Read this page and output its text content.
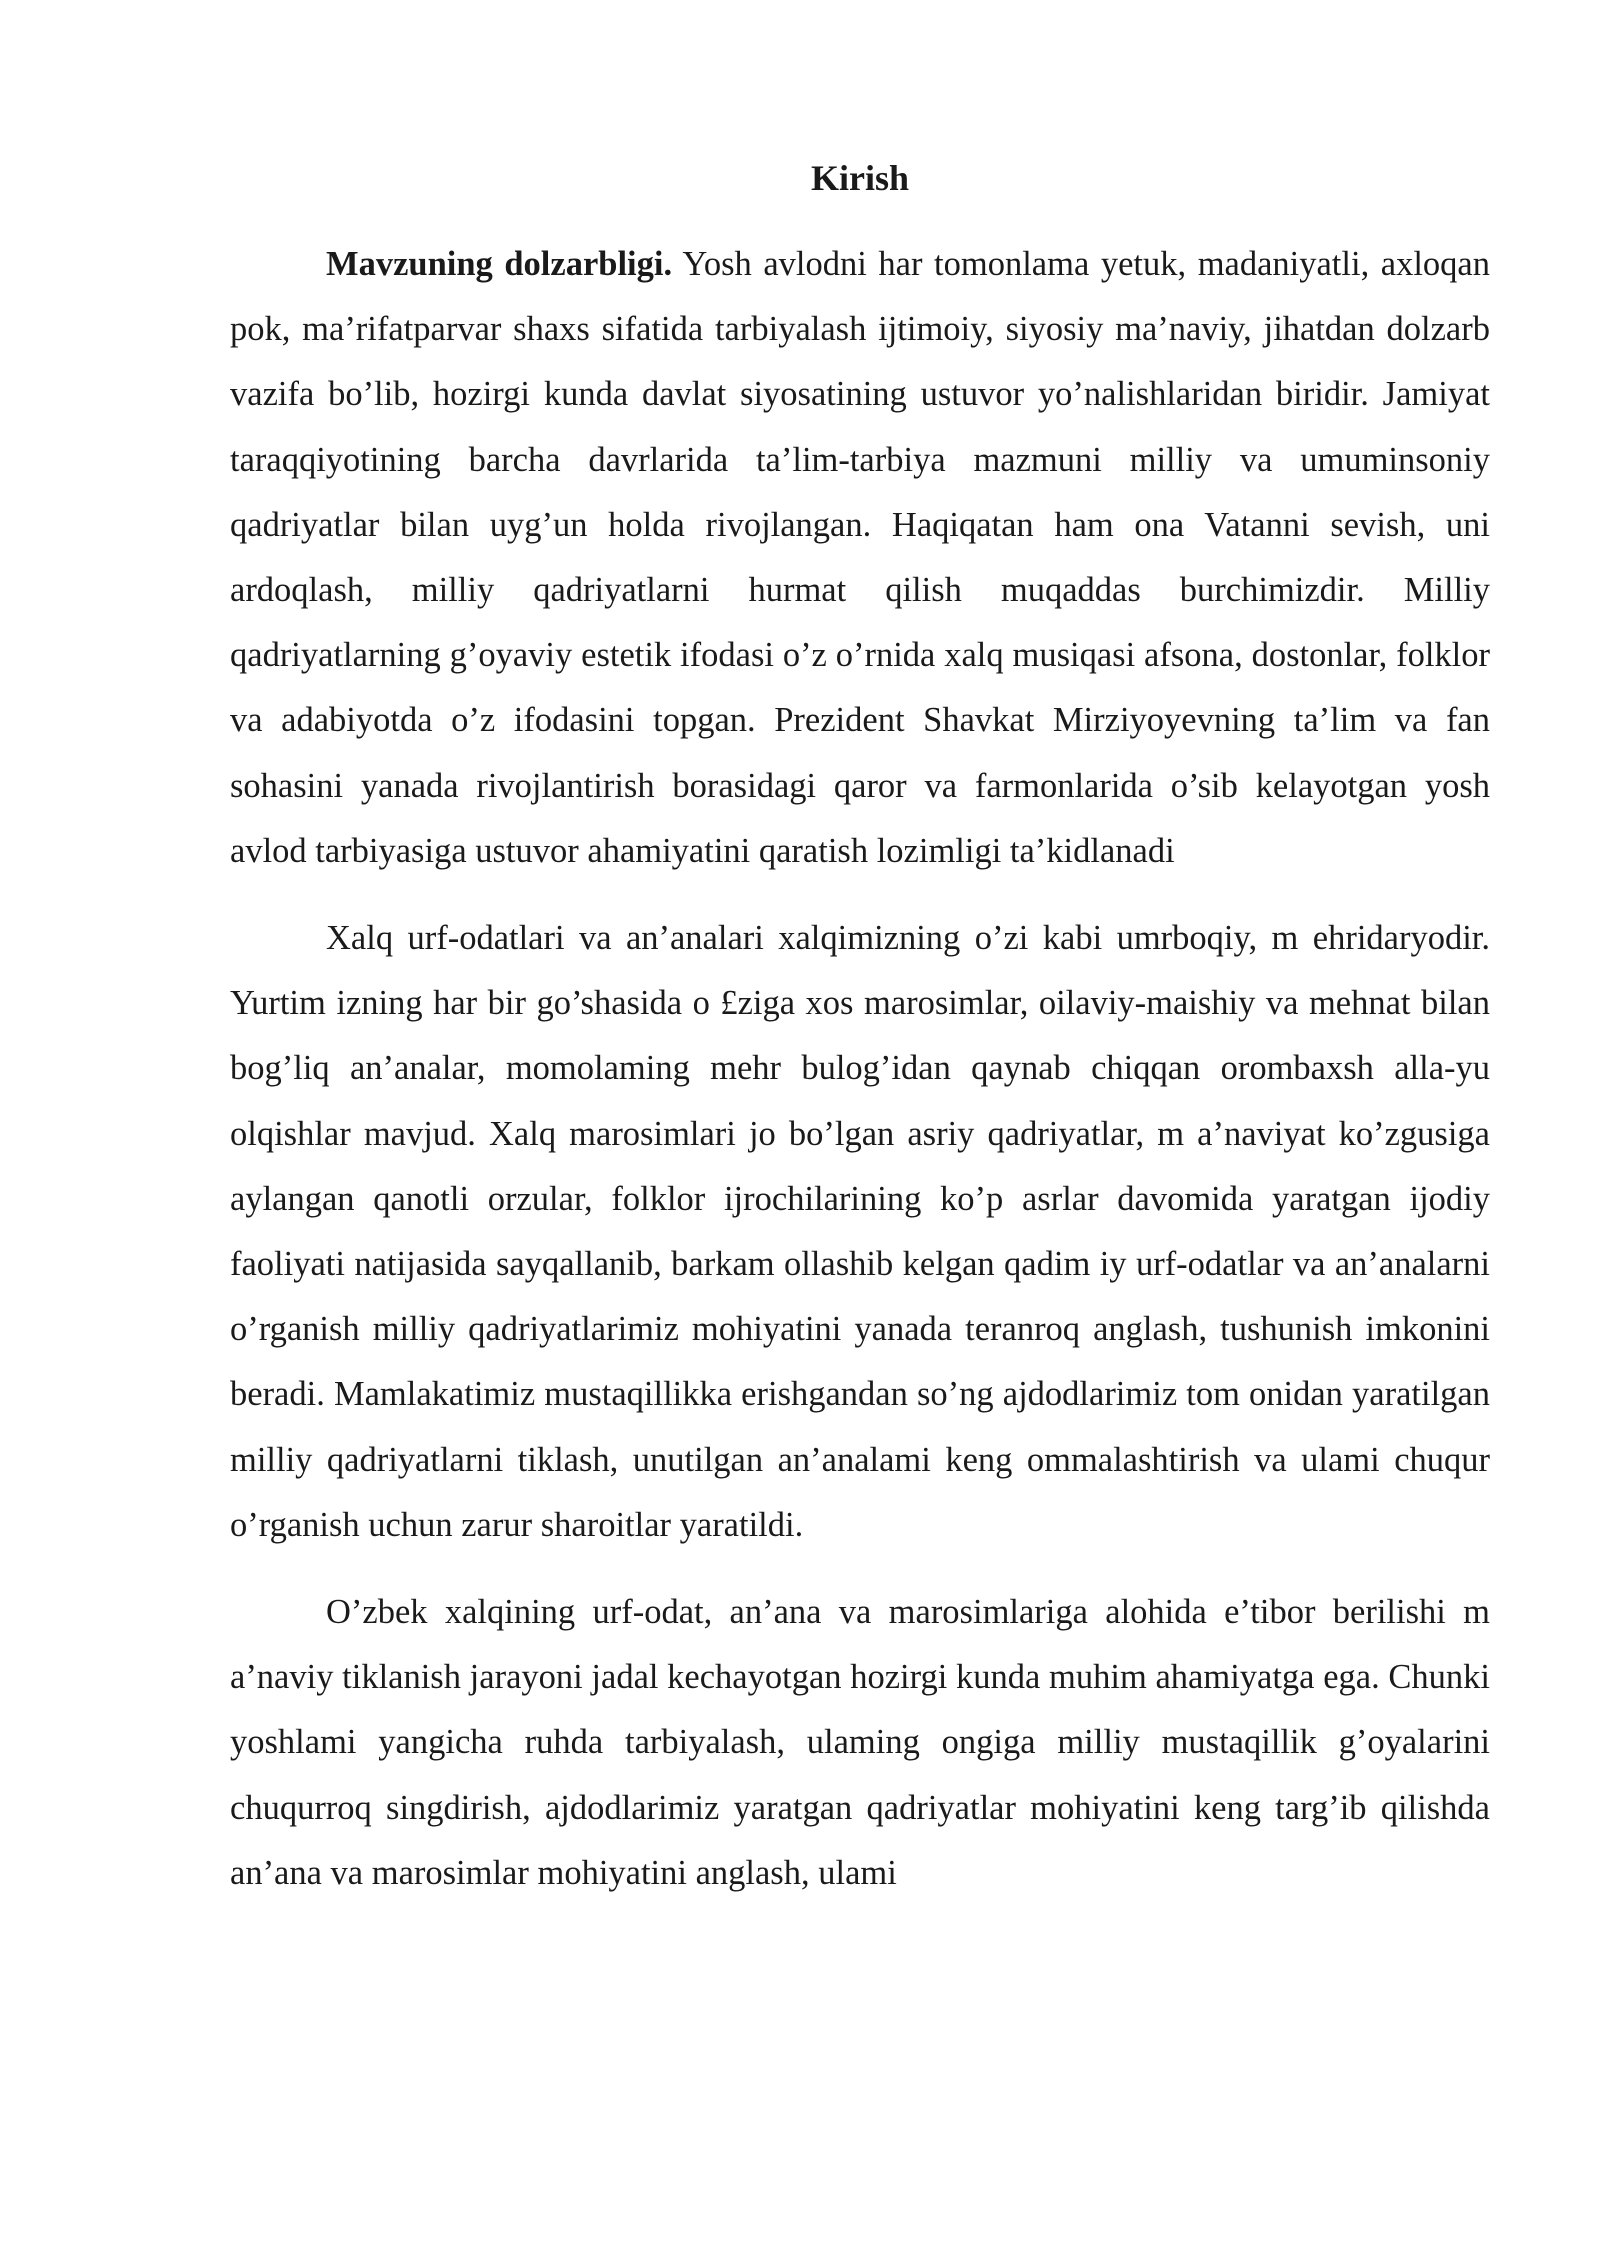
Kirish

Mavzuning dolzarbligi. Yosh avlodni har tomonlama yetuk, madaniyatli, axloqan pok, ma’rifatparvar shaxs sifatida tarbiyalash ijtimoiy, siyosiy ma’naviy, jihatdan dolzarb vazifa bo’lib, hozirgi kunda davlat siyosatining ustuvor yo’nalishlaridan biridir. Jamiyat taraqqiyotining barcha davrlarida ta’lim-tarbiya mazmuni milliy va umuminsoniy qadriyatlar bilan uyg’un holda rivojlangan. Haqiqatan ham ona Vatanni sevish, uni ardoqlash, milliy qadriyatlarni hurmat qilish muqaddas burchimizdir. Milliy qadriyatlarning g’oyaviy estetik ifodasi o’z o’rnida xalq musiqasi afsona, dostonlar, folklor va adabiyotda o’z ifodasini topgan. Prezident Shavkat Mirziyoyevning ta’lim va fan sohasini yanada rivojlantirish borasidagi qaror va farmonlarida o’sib kelayotgan yosh avlod tarbiyasiga ustuvor ahamiyatini qaratish lozimligi ta’kidlanadi

Xalq urf-odatlari va an’analari xalqimizning o’zi kabi umrboqiy, m ehridaryodir. Yurtim izning har bir go’shasida o £ziga xos marosimlar, oilaviy-maishiy va mehnat bilan bog’liq an’analar, momolaming mehr bulog’idan qaynab chiqqan orombaxsh alla-yu olqishlar mavjud. Xalq marosimlari jo bo’lgan asriy qadriyatlar, m a’naviyat ko’zgusiga aylangan qanotli orzular, folklor ijrochilarining ko’p asrlar davomida yaratgan ijodiy faoliyati natijasida sayqallanib, barkam ollashib kelgan qadim iy urf-odatlar va an’analarni o’rganish milliy qadriyatlarimiz mohiyatini yanada teranroq anglash, tushunish imkonini beradi. Mamlakatimiz mustaqillikka erishgandan so’ng ajdodlarimiz tom onidan yaratilgan milliy qadriyatlarni tiklash, unutilgan an’analami keng ommalashtirish va ulami chuqur o’rganish uchun zarur sharoitlar yaratildi.

O’zbek xalqining urf-odat, an’ana va marosimlariga alohida e’tibor berilishi m a’naviy tiklanish jarayoni jadal kechayotgan hozirgi kunda muhim ahamiyatga ega. Chunki yoshlami yangicha ruhda tarbiyalash, ulaming ongiga milliy mustaqillik g’oyalarini chuqurroq singdirish, ajdodlarimiz yaratgan qadriyatlar mohiyatini keng targ’ib qilishda an’ana va marosimlar mohiyatini anglash, ulami
